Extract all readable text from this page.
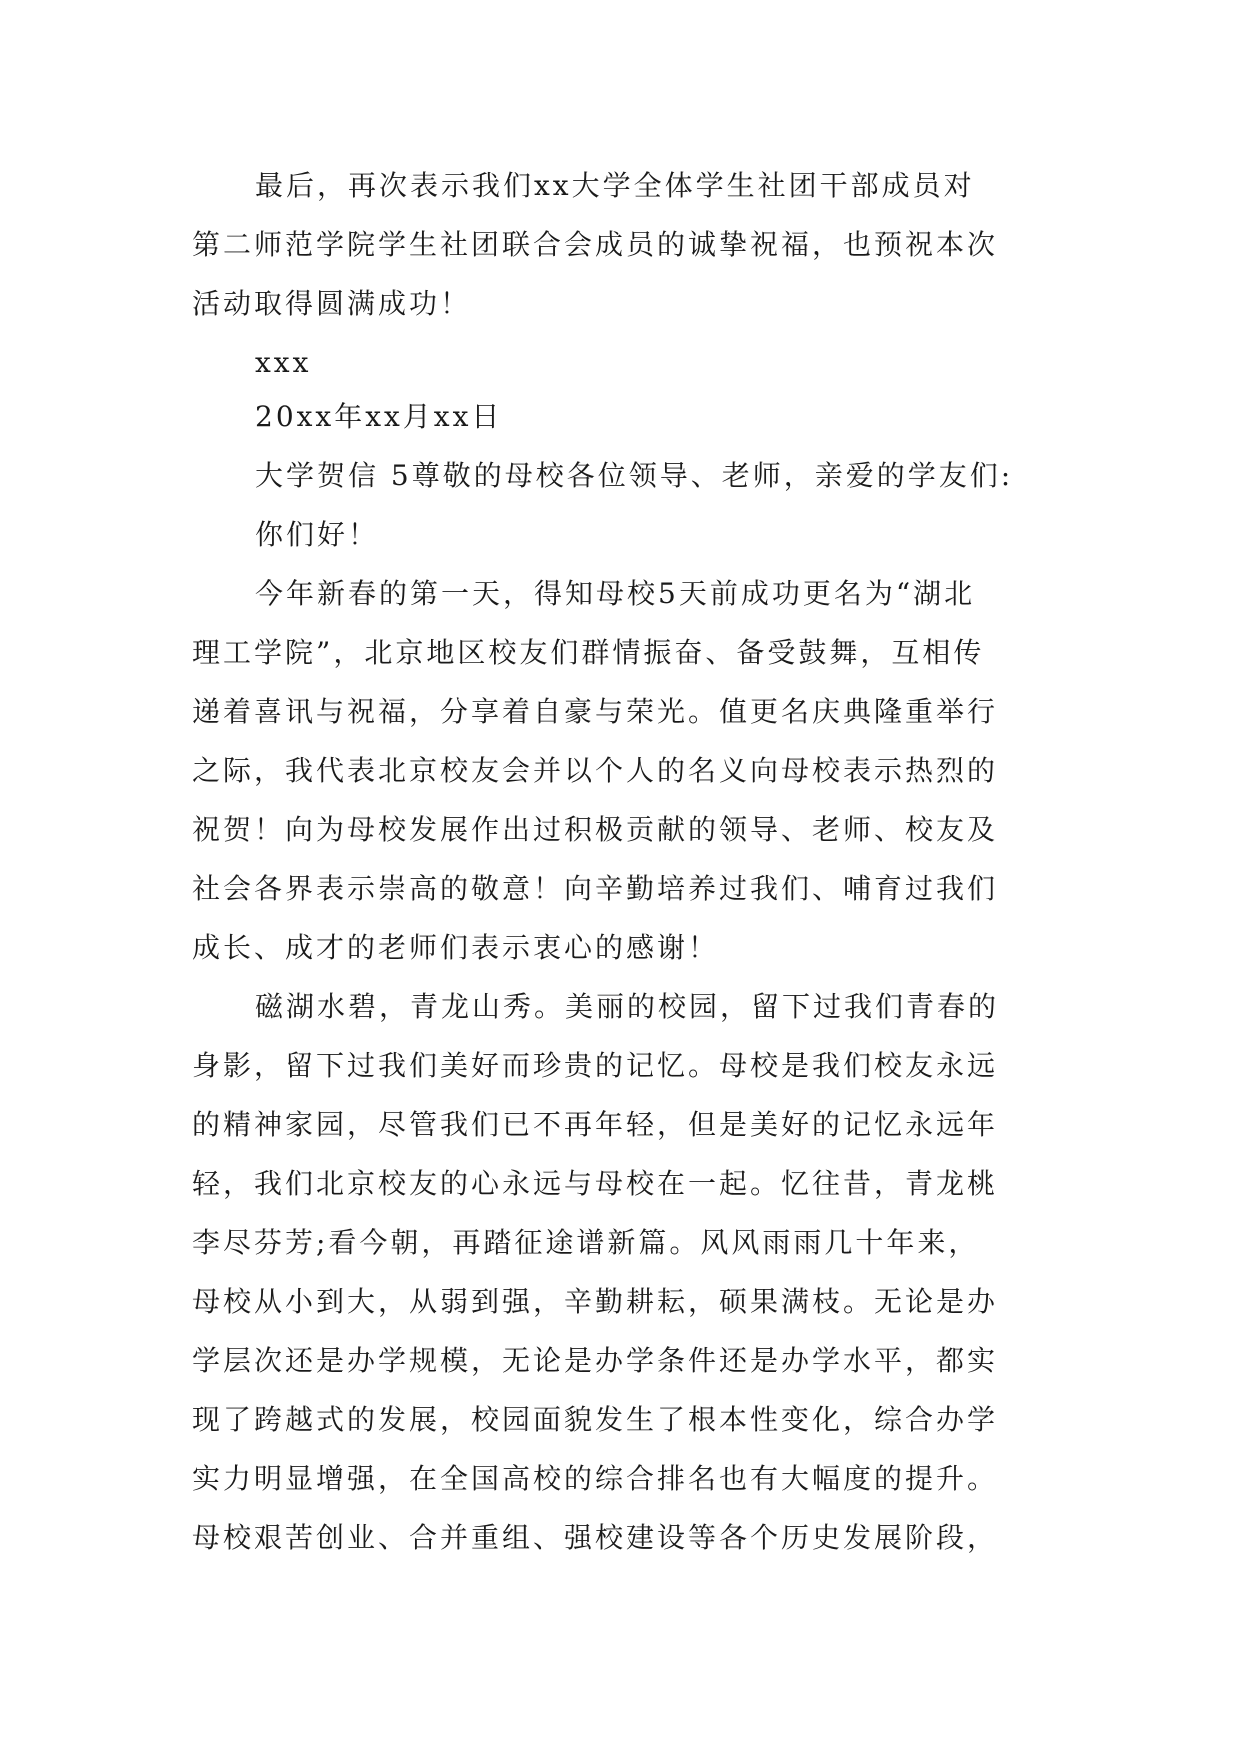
最后，再次表示我们xx大学全体学生社团干部成员对
第二师范学院学生社团联合会成员的诚挚祝福，也预祝本次
活动取得圆满成功！
xxx
20xx年xx月xx日
大学贺信 5尊敬的母校各位领导、老师，亲爱的学友们:
你们好！
今年新春的第一天，得知母校5天前成功更名为“湖北
理工学院”，北京地区校友们群情振奋、备受鼓舞，互相传
递着喜讯与祝福，分享着自豪与荣光。值更名庆典隆重举行
之际，我代表北京校友会并以个人的名义向母校表示热烈的
祝贺！向为母校发展作出过积极贡献的领导、老师、校友及
社会各界表示崇高的敬意！向辛勤培养过我们、哺育过我们
成长、成才的老师们表示衷心的感谢！
磁湖水碧，青龙山秀。美丽的校园，留下过我们青春的
身影，留下过我们美好而珍贵的记忆。母校是我们校友永远
的精神家园，尽管我们已不再年轻，但是美好的记忆永远年
轻，我们北京校友的心永远与母校在一起。忆往昔，青龙桃
李尽芬芳;看今朝，再踏征途谱新篇。风风雨雨几十年来，
母校从小到大，从弱到强，辛勤耕耘，硕果满枝。无论是办
学层次还是办学规模，无论是办学条件还是办学水平，都实
现了跨越式的发展，校园面貌发生了根本性变化，综合办学
实力明显增强，在全国高校的综合排名也有大幅度的提升。
母校艰苦创业、合并重组、强校建设等各个历史发展阶段，
